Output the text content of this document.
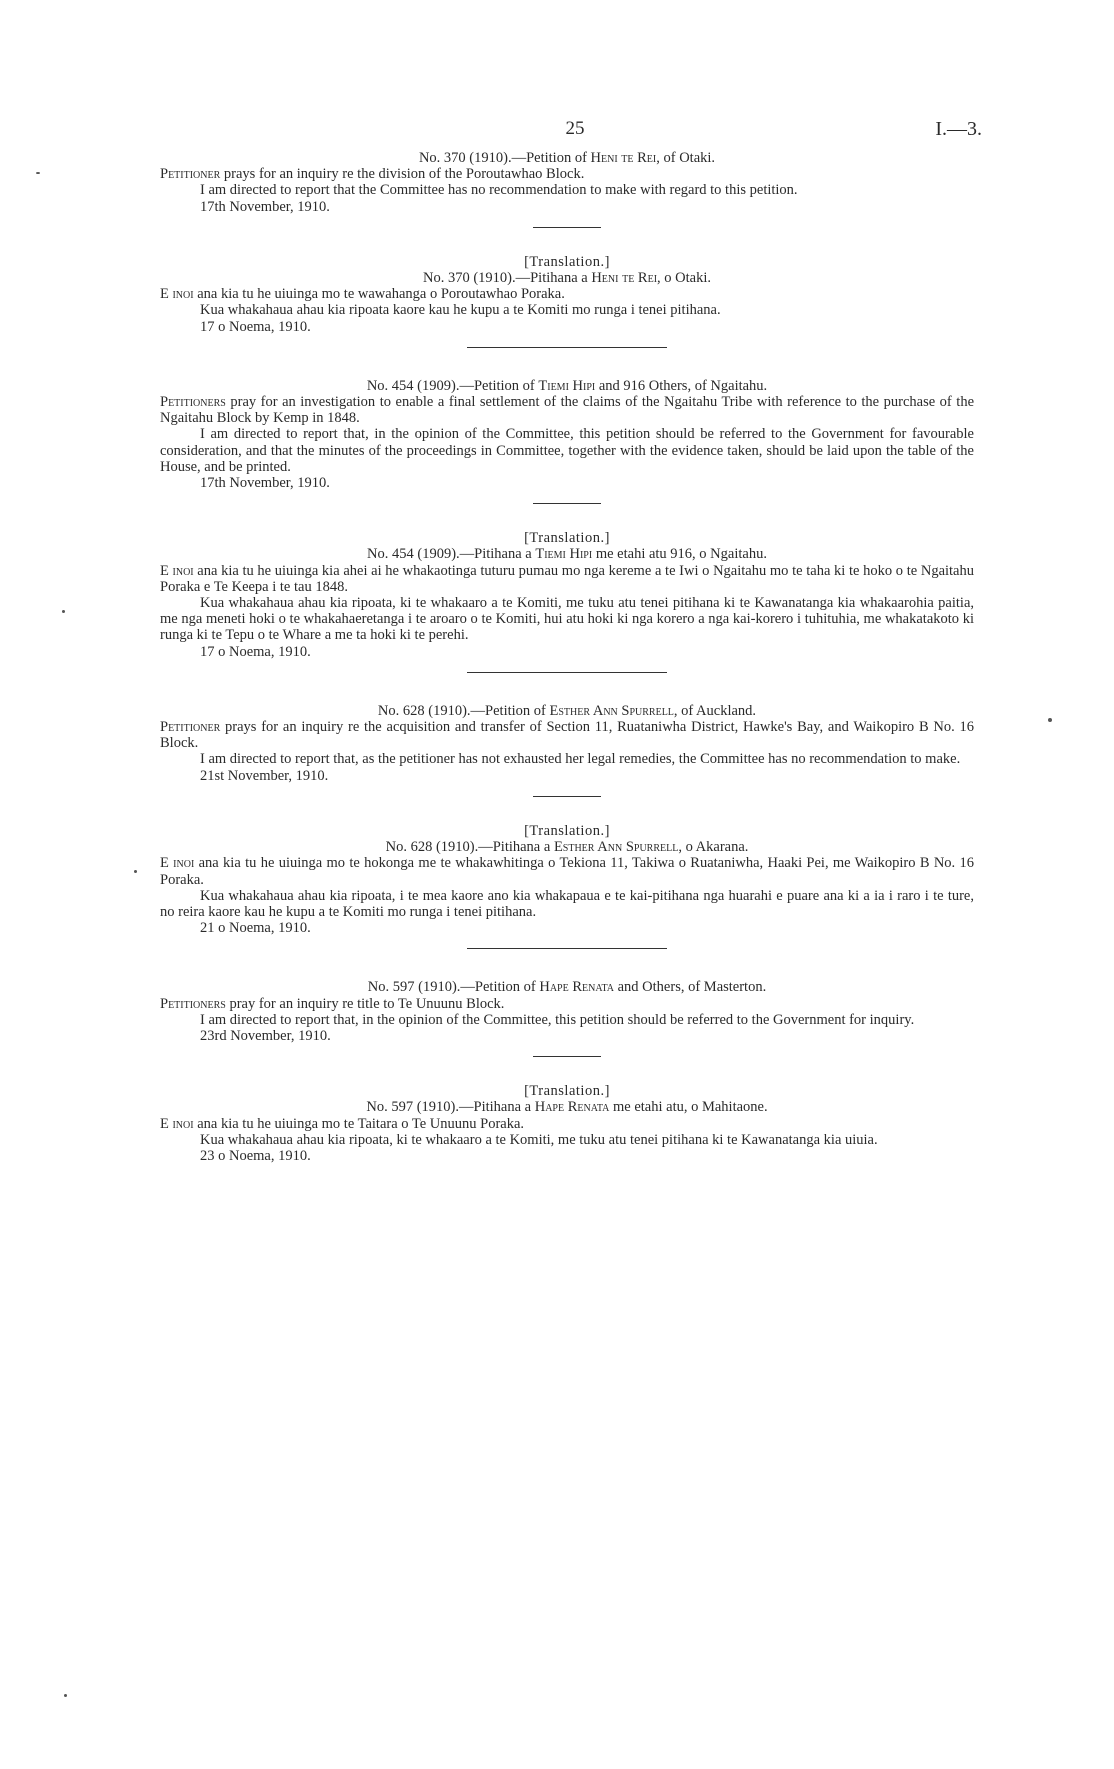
25	I.—3.

No. 370 (1910).—Petition of Heni te Rei, of Otaki.

Petitioner prays for an inquiry re the division of the Poroutawhao Block.

I am directed to report that the Committee has no recommendation to make with regard to this petition.

17th November, 1910.

[Translation.]

No. 370 (1910).—Pitihana a Heni te Rei, o Otaki.

E inoi ana kia tu he uiuinga mo te wawahanga o Poroutawhao Poraka.

Kua whakahaua ahau kia ripoata kaore kau he kupu a te Komiti mo runga i tenei pitihana.

17 o Noema, 1910.

No. 454 (1909).—Petition of Tiemi Hipi and 916 Others, of Ngaitahu.

Petitioners pray for an investigation to enable a final settlement of the claims of the Ngaitahu Tribe with reference to the purchase of the Ngaitahu Block by Kemp in 1848.

I am directed to report that, in the opinion of the Committee, this petition should be referred to the Government for favourable consideration, and that the minutes of the proceedings in Committee, together with the evidence taken, should be laid upon the table of the House, and be printed.

17th November, 1910.

[Translation.]

No. 454 (1909).—Pitihana a Tiemi Hipi me etahi atu 916, o Ngaitahu.

E inoi ana kia tu he uiuinga kia ahei ai he whakaotinga tuturu pumau mo nga kereme a te Iwi o Ngaitahu mo te taha ki te hoko o te Ngaitahu Poraka e Te Keepa i te tau 1848.

Kua whakahaua ahau kia ripoata, ki te whakaaro a te Komiti, me tuku atu tenei pitihana ki te Kawanatanga kia whakaarohia paitia, me nga meneti hoki o te whakahaeretanga i te aroaro o te Komiti, hui atu hoki ki nga korero a nga kai-korero i tuhituhia, me whakatakoto ki runga ki te Tepu o te Whare a me ta hoki ki te perehi.

17 o Noema, 1910.

No. 628 (1910).—Petition of Esther Ann Spurrell, of Auckland.

Petitioner prays for an inquiry re the acquisition and transfer of Section 11, Ruataniwha District, Hawke's Bay, and Waikopiro B No. 16 Block.

I am directed to report that, as the petitioner has not exhausted her legal remedies, the Committee has no recommendation to make.

21st November, 1910.

[Translation.]

No. 628 (1910).—Pitihana a Esther Ann Spurrell, o Akarana.

E inoi ana kia tu he uiuinga mo te hokonga me te whakawhitinga o Tekiona 11, Takiwa o Ruataniwha, Haaki Pei, me Waikopiro B No. 16 Poraka.

Kua whakahaua ahau kia ripoata, i te mea kaore ano kia whakapaua e te kai-pitihana nga huarahi e puare ana ki a ia i raro i te ture, no reira kaore kau he kupu a te Komiti mo runga i tenei pitihana.

21 o Noema, 1910.

No. 597 (1910).—Petition of Hape Renata and Others, of Masterton.

Petitioners pray for an inquiry re title to Te Unuunu Block.

I am directed to report that, in the opinion of the Committee, this petition should be referred to the Government for inquiry.

23rd November, 1910.

[Translation.]

No. 597 (1910).—Pitihana a Hape Renata me etahi atu, o Mahitaone.

E inoi ana kia tu he uiuinga mo te Taitara o Te Unuunu Poraka.

Kua whakahaua ahau kia ripoata, ki te whakaaro a te Komiti, me tuku atu tenei pitihana ki te Kawanatanga kia uiuia.

23 o Noema, 1910.
